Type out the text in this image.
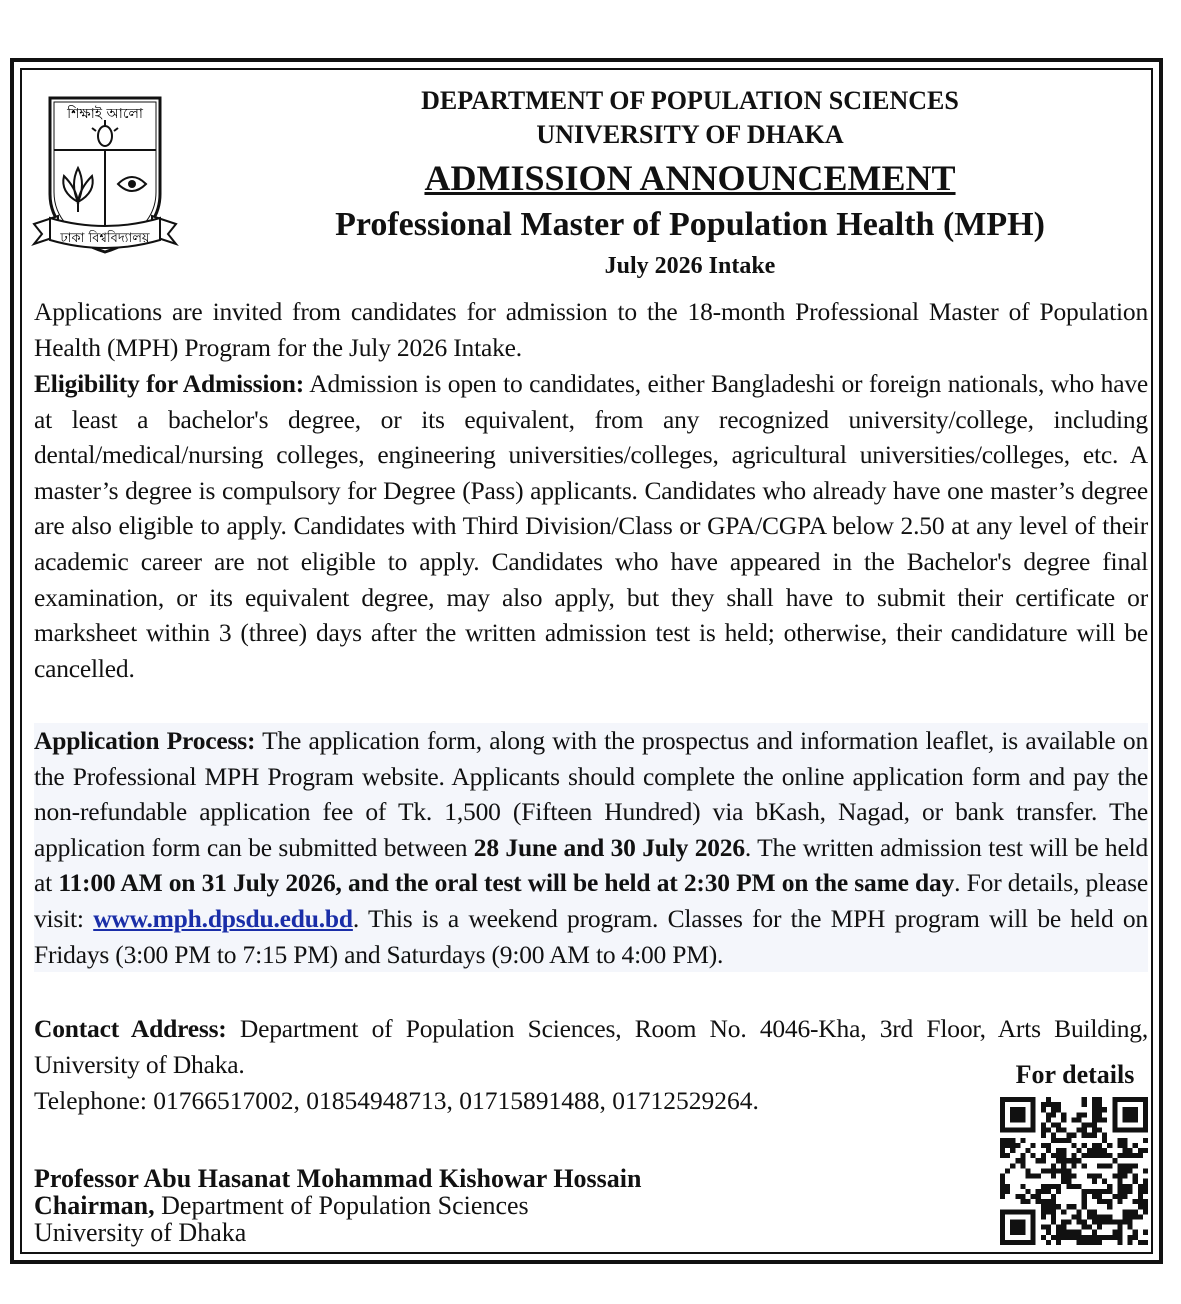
শিক্ষাই আলো
ঢাকা বিশ্ববিদ্যালয়
DEPARTMENT OF POPULATION SCIENCES
UNIVERSITY OF DHAKA
ADMISSION ANNOUNCEMENT
Professional Master of Population Health (MPH)
July 2026 Intake
Applications are invited from candidates for admission to the 18-month Professional Master of Population Health (MPH) Program for the July 2026 Intake.
Eligibility for Admission: Admission is open to candidates, either Bangladeshi or foreign nationals, who have at least a bachelor's degree, or its equivalent, from any recognized university/college, including dental/medical/nursing colleges, engineering universities/colleges, agricultural universities/colleges, etc. A master’s degree is compulsory for Degree (Pass) applicants. Candidates who already have one master’s degree are also eligible to apply. Candidates with Third Division/Class or GPA/CGPA below 2.50 at any level of their academic career are not eligible to apply. Candidates who have appeared in the Bachelor's degree final examination, or its equivalent degree, may also apply, but they shall have to submit their certificate or marksheet within 3 (three) days after the written admission test is held; otherwise, their candidature will be cancelled.
Application Process: The application form, along with the prospectus and information leaflet, is available on the Professional MPH Program website. Applicants should complete the online application form and pay the non-refundable application fee of Tk. 1,500 (Fifteen Hundred) via bKash, Nagad, or bank transfer. The application form can be submitted between 28 June and 30 July 2026. The written admission test will be held at 11:00 AM on 31 July 2026, and the oral test will be held at 2:30 PM on the same day. For details, please visit: www.mph.dpsdu.edu.bd. This is a weekend program. Classes for the MPH program will be held on Fridays (3:00 PM to 7:15 PM) and Saturdays (9:00 AM to 4:00 PM).
Contact Address: Department of Population Sciences, Room No. 4046-Kha, 3rd Floor, Arts Building, University of Dhaka.
Telephone: 01766517002, 01854948713, 01715891488, 01712529264.
Professor Abu Hasanat Mohammad Kishowar Hossain
Chairman, Department of Population Sciences
University of Dhaka
For details
